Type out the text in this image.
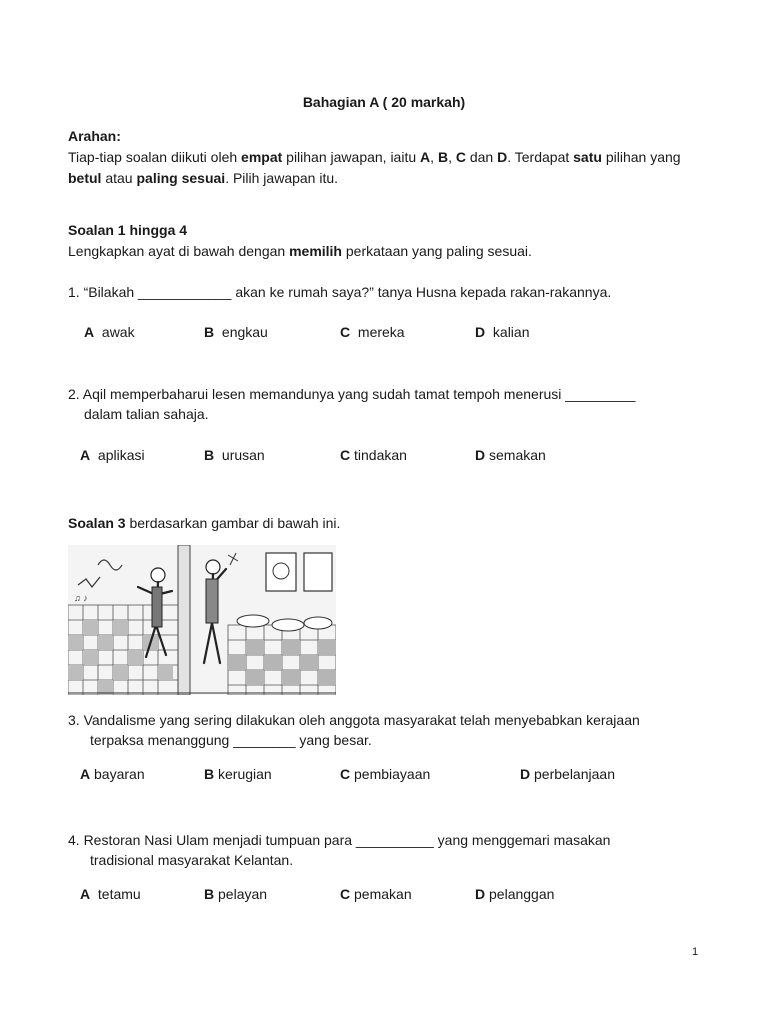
Bahagian A ( 20 markah)
Arahan:
Tiap-tiap soalan diikuti oleh empat pilihan jawapan, iaitu A, B, C dan D. Terdapat satu pilihan yang betul atau paling sesuai. Pilih jawapan itu.
Soalan 1 hingga 4
Lengkapkan ayat di bawah dengan memilih perkataan yang paling sesuai.
1. “Bilakah ____________ akan ke rumah saya?” tanya Husna kepada rakan-rakannya.
A awak	B engkau	C mereka	D kalian
2. Aqil memperbaharui lesen memandunya yang sudah tamat tempoh menerusi _________
dalam talian sahaja.
A aplikasi	B urusan	C tindakan	D semakan
Soalan 3 berdasarkan gambar di bawah ini.
♫ ♪
3. Vandalisme yang sering dilakukan oleh anggota masyarakat telah menyebabkan kerajaan
terpaksa menanggung ________ yang besar.
A bayaran	B kerugian	C pembiayaan	D perbelanjaan
4. Restoran Nasi Ulam menjadi tumpuan para __________ yang menggemari masakan
tradisional masyarakat Kelantan.
A tetamu	B pelayan	C pemakan	D pelanggan
1
